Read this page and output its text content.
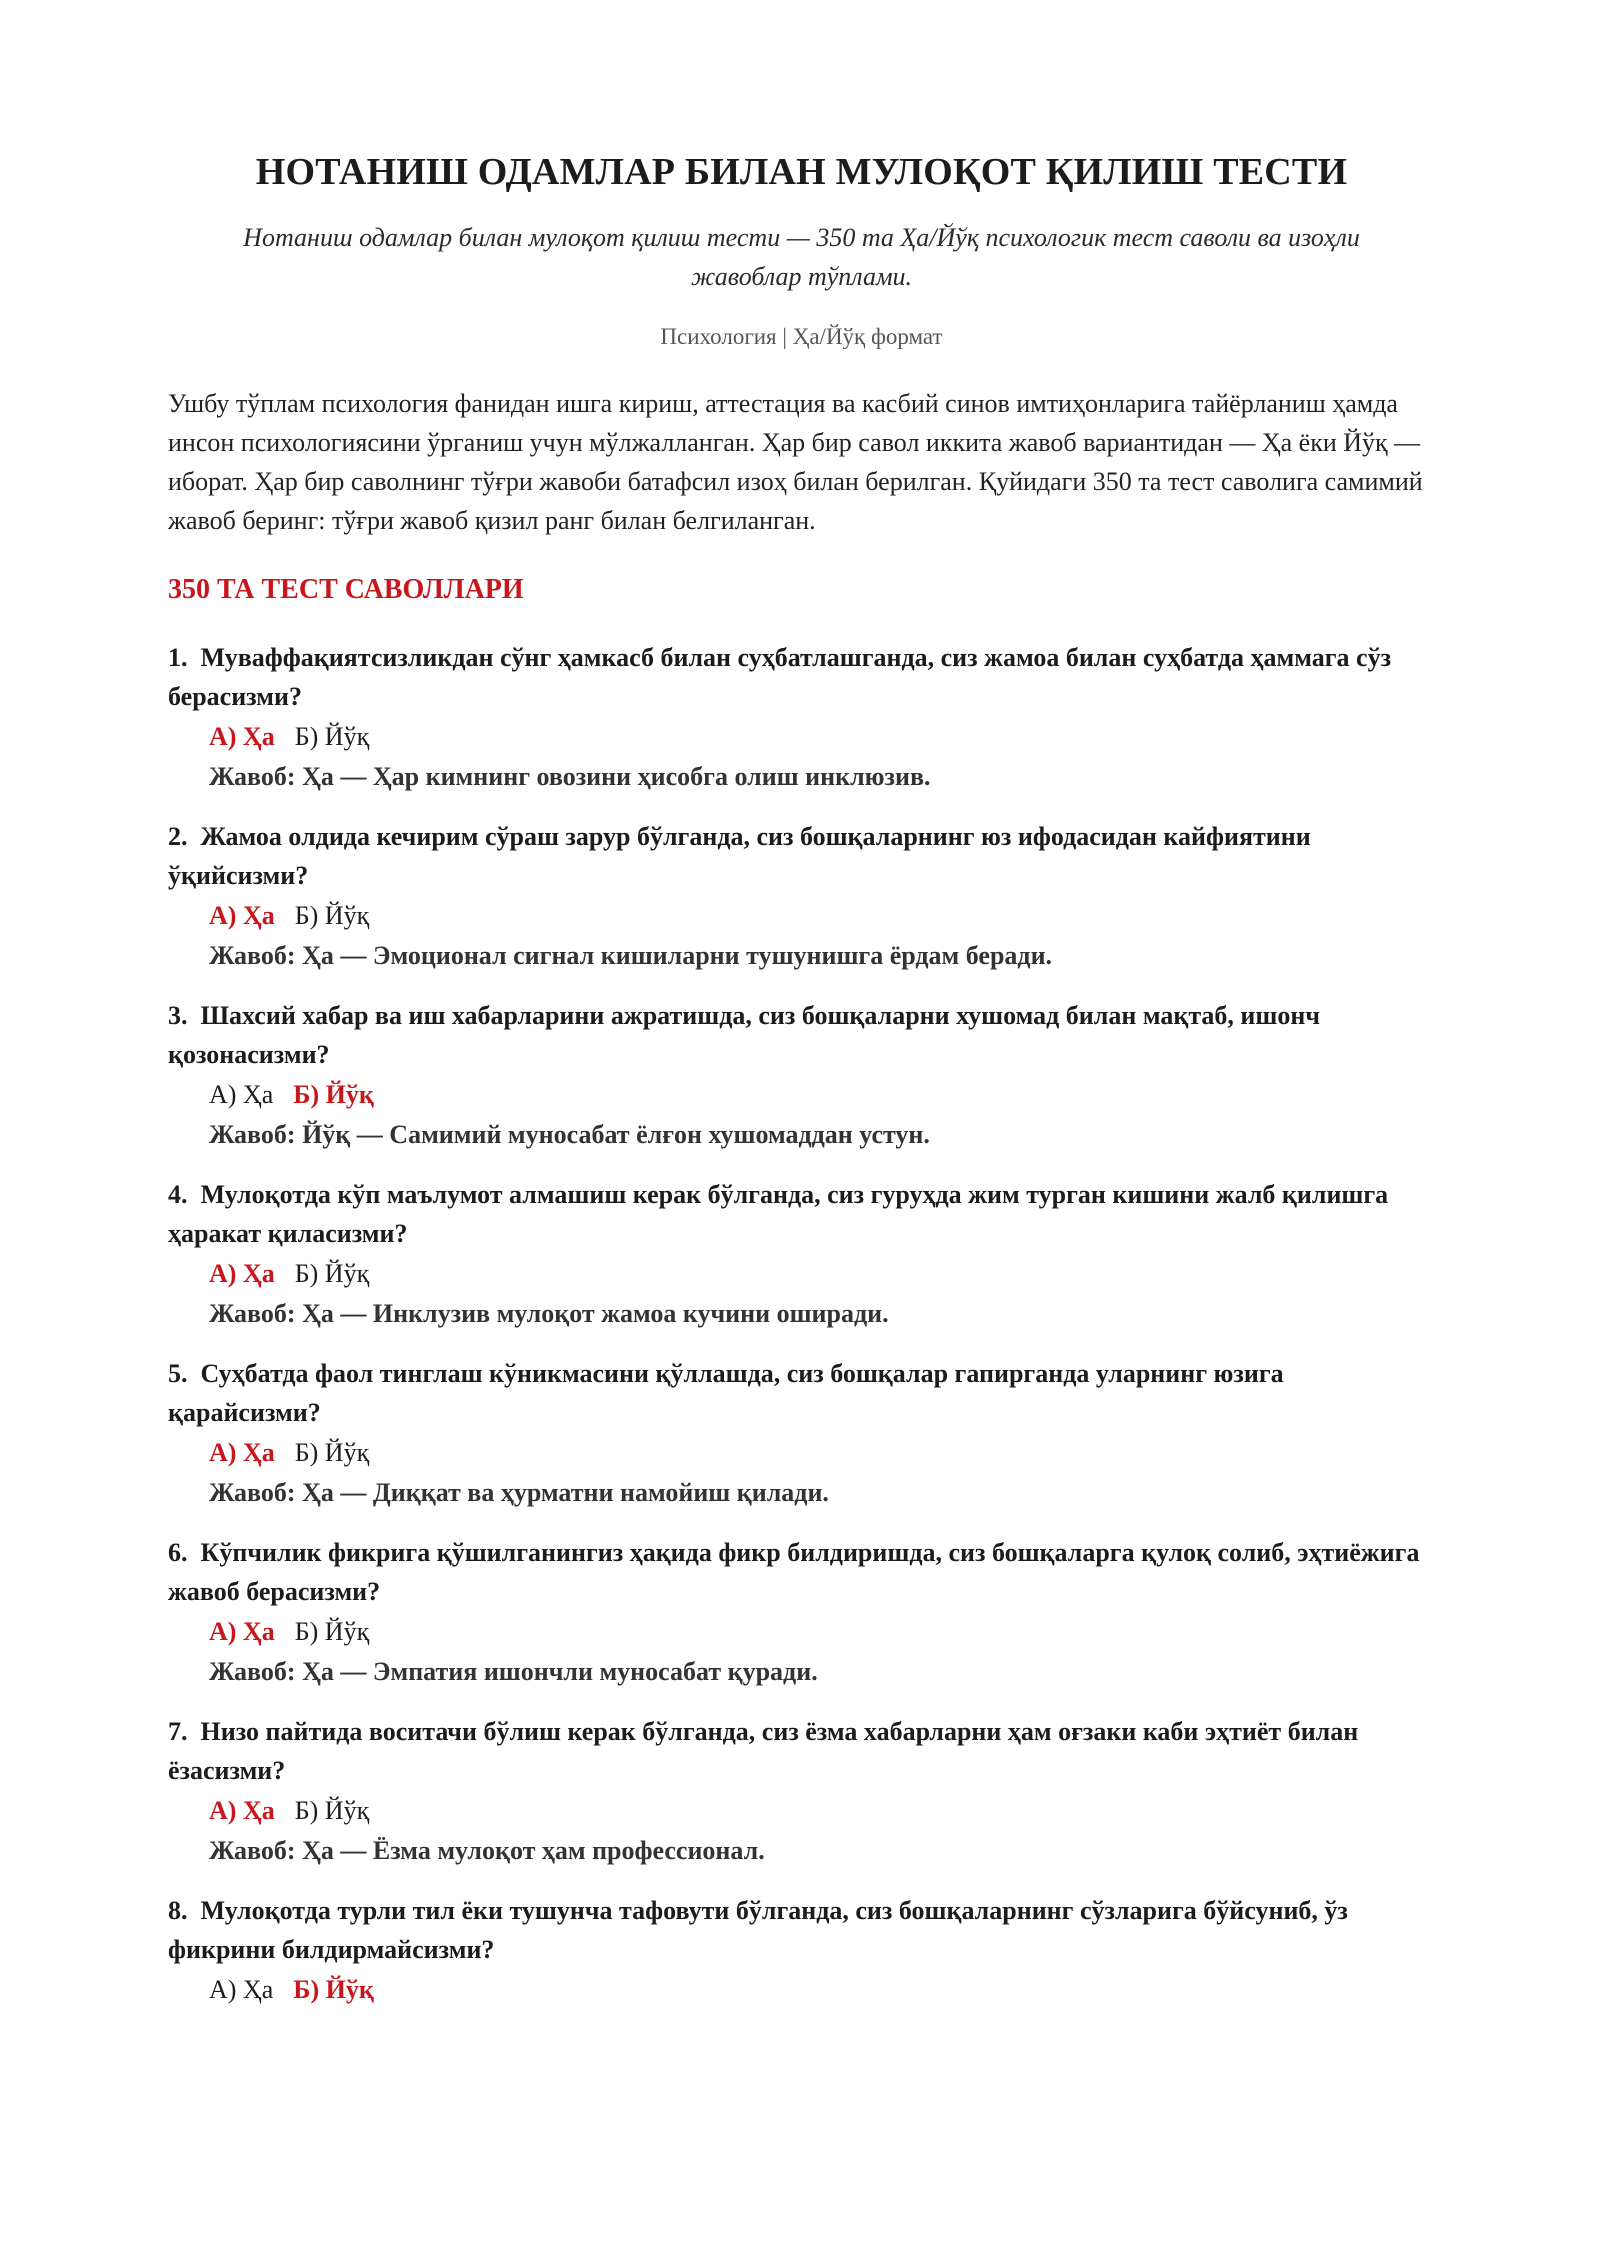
НОТАНИШ ОДАМЛАР БИЛАН МУЛОҚОТ ҚИЛИШ ТЕСТИ
Нотаниш одамлар билан мулоқот қилиш тести — 350 та Ҳа/Йўқ психологик тест саволи ва изоҳли жавоблар тўплами.
Психология | Ҳа/Йўқ формат

Ушбу тўплам психология фанидан ишга кириш, аттестация ва касбий синов имтиҳонларига тайёрланиш ҳамда инсон психологиясини ўрганиш учун мўлжалланган. Ҳар бир савол иккита жавоб вариантидан — Ҳа ёки Йўқ — иборат. Ҳар бир саволнинг тўғри жавоби батафсил изоҳ билан берилган. Қуйидаги 350 та тест саволига самимий жавоб беринг: тўғри жавоб қизил ранг билан белгиланган.

350 ТА ТЕСТ САВОЛЛАРИ

1. Муваффақиятсизликдан сўнг ҳамкасб билан суҳбатлашганда, сиз жамоа билан суҳбатда ҳаммага сўз берасизми?

А) Ҳа Б) Йўқ
Жавоб: Ҳа — Ҳар кимнинг овозини ҳисобга олиш инклюзив.

2. Жамоа олдида кечирим сўраш зарур бўлганда, сиз бошқаларнинг юз ифодасидан кайфиятини ўқийсизми?

А) Ҳа Б) Йўқ
Жавоб: Ҳа — Эмоционал сигнал кишиларни тушунишга ёрдам беради.

3. Шахсий хабар ва иш хабарларини ажратишда, сиз бошқаларни хушомад билан мақтаб, ишонч қозонасизми?

А) Ҳа Б) Йўқ
Жавоб: Йўқ — Самимий муносабат ёлғон хушомаддан устун.

4. Мулоқотда кўп маълумот алмашиш керак бўлганда, сиз гуруҳда жим турган кишини жалб қилишга ҳаракат қиласизми?

А) Ҳа Б) Йўқ
Жавоб: Ҳа — Инклузив мулоқот жамоа кучини оширади.

5. Суҳбатда фаол тинглаш кўникмасини қўллашда, сиз бошқалар гапирганда уларнинг юзига қарайсизми?

А) Ҳа Б) Йўқ
Жавоб: Ҳа — Диққат ва ҳурматни намойиш қилади.

6. Кўпчилик фикрига қўшилганингиз ҳақида фикр билдиришда, сиз бошқаларга қулоқ солиб, эҳтиёжига жавоб берасизми?

А) Ҳа Б) Йўқ
Жавоб: Ҳа — Эмпатия ишончли муносабат қуради.

7. Низо пайтида воситачи бўлиш керак бўлганда, сиз ёзма хабарларни ҳам оғзаки каби эҳтиёт билан ёзасизми?

А) Ҳа Б) Йўқ
Жавоб: Ҳа — Ёзма мулоқот ҳам профессионал.

8. Мулоқотда турли тил ёки тушунча тафовути бўлганда, сиз бошқаларнинг сўзларига бўйсуниб, ўз фикрини билдирмайсизми?

А) Ҳа Б) Йўқ
